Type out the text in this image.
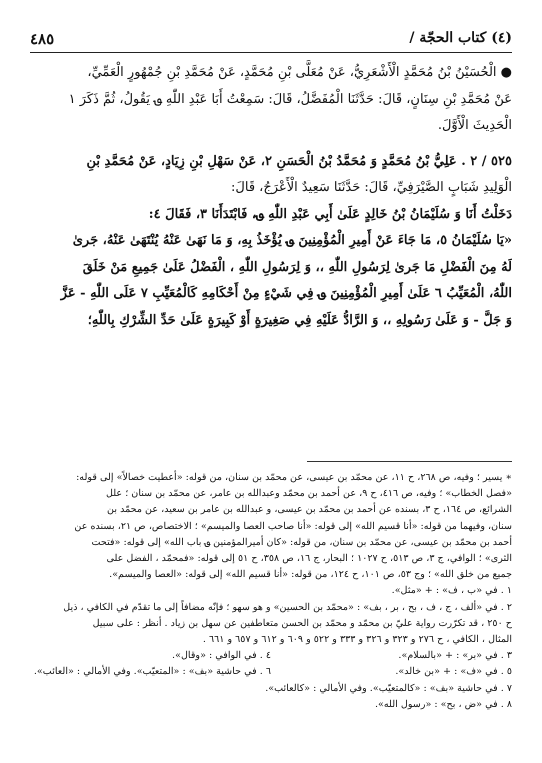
(٤) كتاب الحجّة /
٤٨٥
● الْحُسَيْنُ بْنُ مُحَمَّدٍ الْأَشْعَرِيُّ، عَنْ مُعَلَّى بْنِ مُحَمَّدٍ، عَنْ مُحَمَّدِ بْنِ جُمْهُورٍ الْعَمِّيِّ،
عَنْ مُحَمَّدِ بْنِ سِنَانٍ، قَالَ: حَدَّثَنَا الْمُفَضَّلُ، قَالَ: سَمِعْتُ أَبَا عَبْدِ اللّٰهِ ؈ يَقُولُ، ثُمَّ ذَكَرَ ١
الْحَدِيثَ الْأَوَّلَ.
٥٢٥ / ٢ . عَلِيُّ بْنُ مُحَمَّدٍ وَ مُحَمَّدُ بْنُ الْحَسَنِ ٢، عَنْ سَهْلِ بْنِ زِيَادٍ، عَنْ مُحَمَّدِ بْنِ
الْوَلِيدِ شَبَابٍ الصَّيْرَفِيِّ، قَالَ: حَدَّثَنَا سَعِيدٌ الْأَعْرَجُ، قَالَ:
دَخَلْتُ أَنَا وَ سُلَيْمَانُ بْنُ خَالِدٍ عَلَىٰ أَبِي عَبْدِ اللّٰهِ ؈، فَابْتَدَأَنَا ٣، فَقَالَ ٤:
«يَا سُلَيْمَانُ ٥، مَا جَاءَ عَنْ أَمِيرِ الْمُؤْمِنِينَ ؈ يُؤْخَذُ بِهِ، وَ مَا نَهَىٰ عَنْهُ يُنْتَهَىٰ عَنْهُ، جَرىٰ
لَهُ مِنَ الْفَضْلِ مَا جَرىٰ لِرَسُولِ اللّٰهِ ،، وَ لِرَسُولِ اللّٰهِ ، الْفَضْلُ عَلَىٰ جَمِيعِ مَنْ خَلَقَ
اللّٰهُ، الْمُعَيِّبُ ٦ عَلَىٰ أَمِيرِ الْمُؤْمِنِينَ ؈ فِي شَيْءٍ مِنْ أَحْكَامِهِ كَالْمُعَيِّبِ ٧ عَلَى اللّٰهِ - عَزَّ
وَ جَلَّ - وَ عَلَىٰ رَسُولِهِ ،، وَ الرَّادُّ عَلَيْهِ فِي صَغِيرَةٍ أَوْ كَبِيرَةٍ عَلَىٰ حَدِّ الشِّرْكِ بِاللّٰهِ؛
∗ يسير ؛ وفيه، ص ٢٦٨، ح ١١، عن محمّد بن عيسى، عن محمّد بن سنان، من قوله: «أعطيت خصالاً» إلى قوله:
«فصل الخطاب» ؛ وفيه، ص ٤١٦، ح ٩، عن أحمد بن محمّد وعبدالله بن عامر، عن محمّد بن سنان ؛ علل
الشرائع، ص ١٦٤، ح ٣، بسنده عن أحمد بن محمّد بن عيسى، و عبدالله بن عامر بن سعيد، عن محمّد بن
سنان، وفيهما من قوله: «أنا قسيم الله» إلى قوله: «أنا صاحب العصا والميسم» ؛ الاختصاص، ص ٢١، بسنده عن
أحمد بن محمّد بن عيسى، عن محمّد بن سنان، من قوله: «كان أميرالمؤمنين ؈ باب الله» إلى قوله: «فتحت
الثرى» ؛ الوافي، ج ٣، ص ٥١٣، ح ١٠٢٧ ؛ البحار، ج ١٦، ص ٣٥٨، ح ٥١ إلى قوله: «فمحمّد ، الفضل على
جميع من خلق الله» ؛ وج ٥٣، ص ١٠١، ح ١٢٤، من قوله: «أنا قسيم الله» إلى قوله: «العصا والميسم».
١ . في «ب ، ف» : + «مثل».
٢ . في «ألف ، ج ، ف ، بح ، بر ، بف» : «محمّد بن الحسين» و هو سهو ؛ فإنّه مضافاً إلى ما تقدّم في الكافي ، ذيل
ح ٢٥٠ ، قد تكرّرت رواية عليّ بن محمّد و محمّد بن الحسن متعاطفين عن سهل بن زياد . أنظر : على سبيل
المثال ، الكافي ، ح ٢٧٦ و ٣٢٣ و ٣٢٦ و ٣٣٣ و ٥٢٢ و ٦٠٩ و ٦١٢ و ٦٥٧ و ٦٦١ .
٣ . في «بر» : + «بالسلام».
٤ . في الوافي : «وقال».
٥ . في «ف» : + «بن خالد».
٦ . في حاشية «بف» : «المتعيّب». وفي الأمالي : «العائب».
٧ . في حاشية «بف» : «كالمتعيّب». وفي الأمالي : «كالعائب».
٨ . في «ض ، بح» : «رسول الله».
